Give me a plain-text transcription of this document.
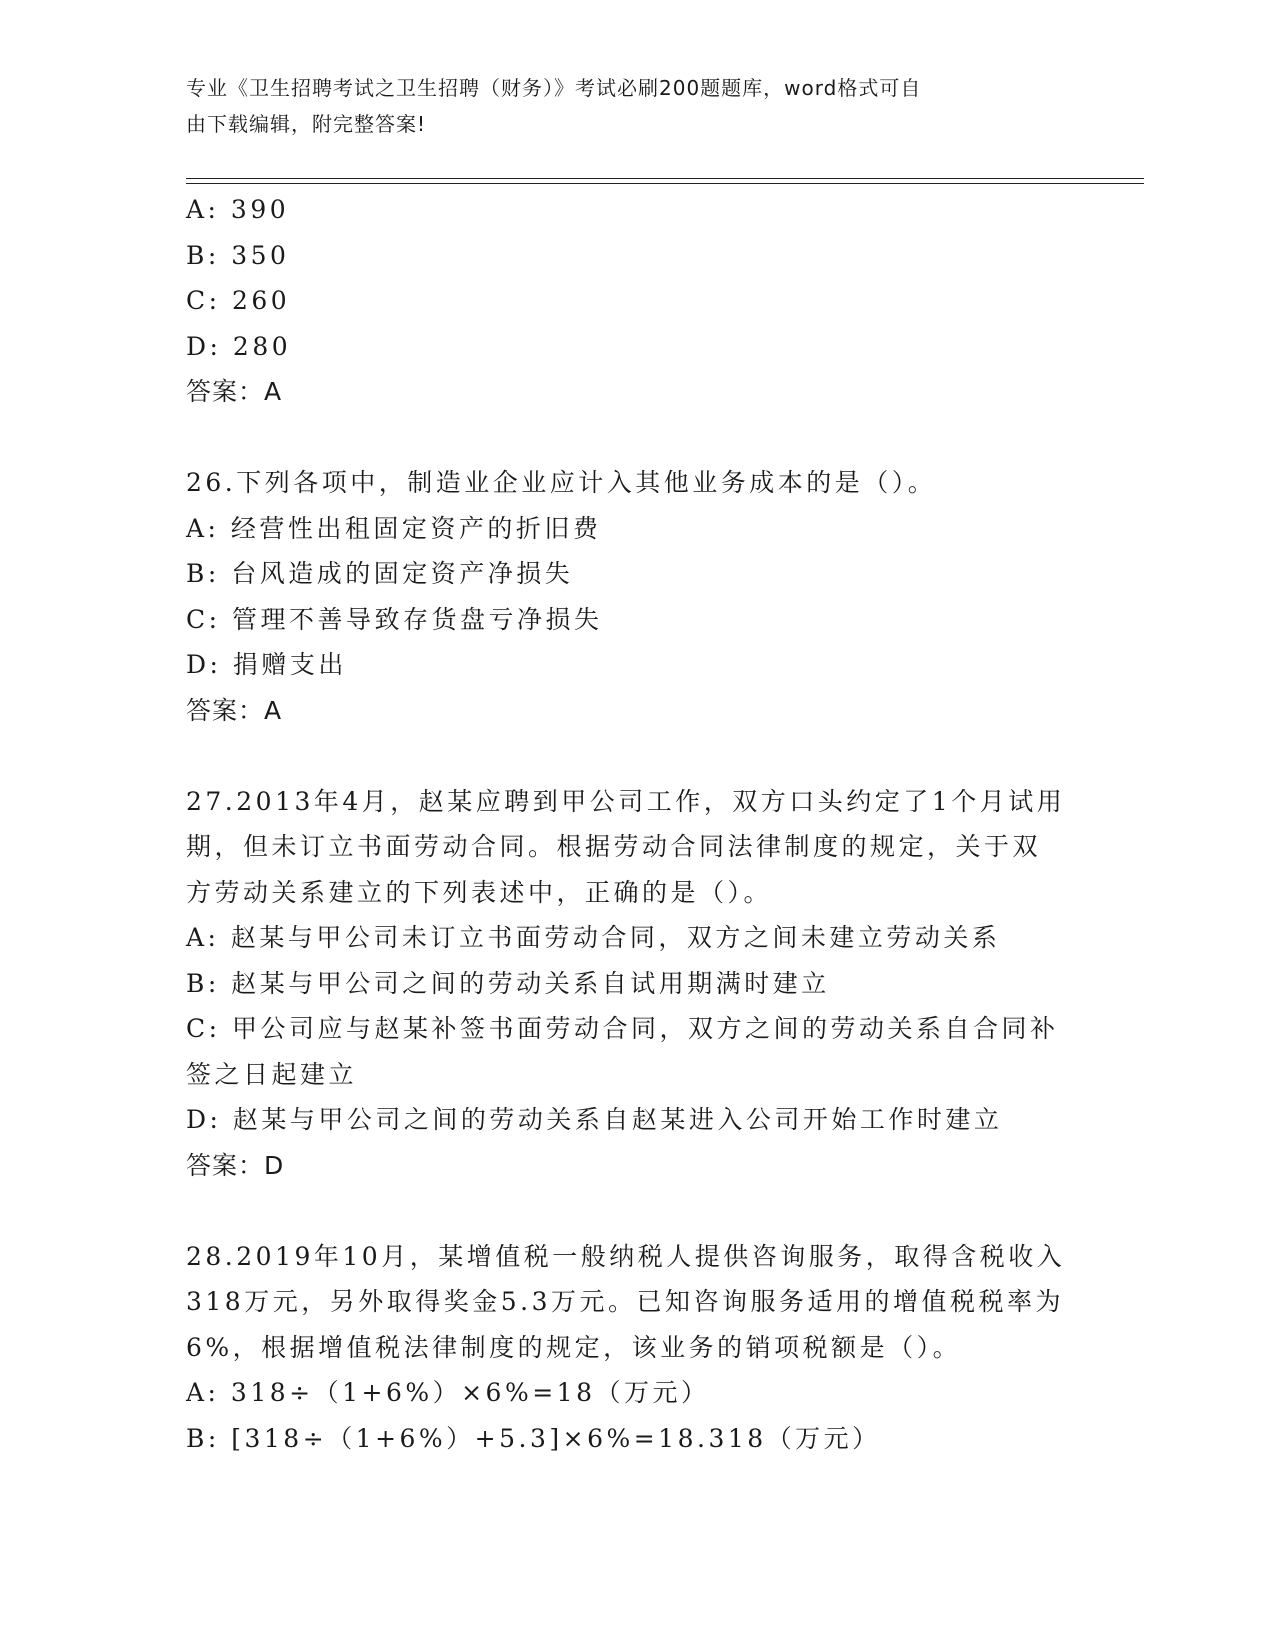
专业《卫生招聘考试之卫生招聘（财务）》考试必刷200题题库，word格式可自
由下载编辑，附完整答案!
A: 390
B: 350
C: 260
D: 280
答案：A
26.下列各项中，制造业企业应计入其他业务成本的是（）。
A: 经营性出租固定资产的折旧费
B: 台风造成的固定资产净损失
C: 管理不善导致存货盘亏净损失
D: 捐赠支出
答案：A
27.2013年4月，赵某应聘到甲公司工作，双方口头约定了1个月试用
期，但未订立书面劳动合同。根据劳动合同法律制度的规定，关于双
方劳动关系建立的下列表述中，正确的是（）。
A: 赵某与甲公司未订立书面劳动合同，双方之间未建立劳动关系
B: 赵某与甲公司之间的劳动关系自试用期满时建立
C: 甲公司应与赵某补签书面劳动合同，双方之间的劳动关系自合同补
签之日起建立
D: 赵某与甲公司之间的劳动关系自赵某进入公司开始工作时建立
答案：D
28.2019年10月，某增值税一般纳税人提供咨询服务，取得含税收入
318万元，另外取得奖金5.3万元。已知咨询服务适用的增值税税率为
6%，根据增值税法律制度的规定，该业务的销项税额是（）。
A: 318÷（1+6%）×6%=18（万元）
B: [318÷（1+6%）+5.3]×6%=18.318（万元）
